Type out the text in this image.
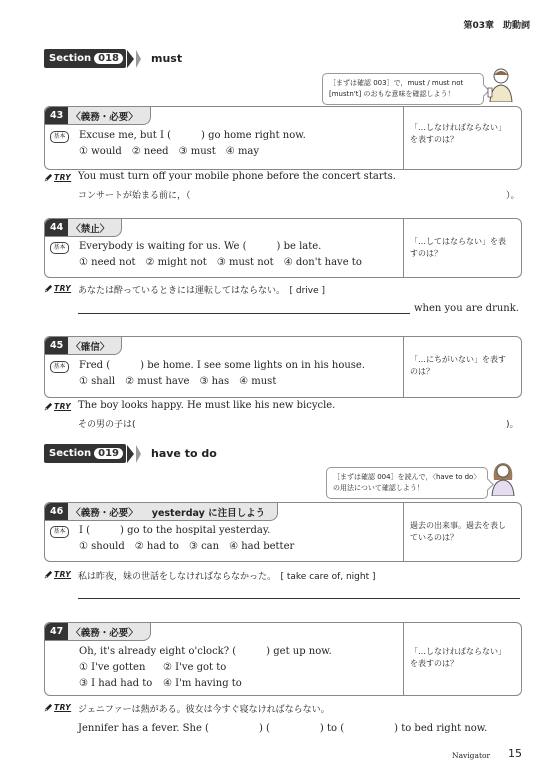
第03章　助動詞
Section 018	must
［まずは確認 003］で，must / must not
[mustn't] のおもな意味を確認しよう！
43 〈義務・必要〉
基本	Excuse me, but I (　　　) go home right now.
① would　② need　③ must　④ may
「…しなければならない」
を表すのは？
TRY You must turn off your mobile phone before the concert starts.
コンサートが始まる前に，（	）。
44 〈禁止〉
基本	Everybody is waiting for us. We (　　　) be late.
① need not　② might not　③ must not　④ don't have to
「…してはならない」を表
すのは？
TRY あなたは酔っているときには運転してはならない。　[ drive ]
when you are drunk.
45 〈確信〉
基本	Fred (　　　) be home. I see some lights on in his house.
① shall　② must have　③ has　④ must
「…にちがいない」を表す
のは？
TRY The boy looks happy. He must like his new bicycle.
その男の子は(	)。
Section 019	have to do
［まずは確認 004］を読んで，〈have to do〉
の用法について確認しよう！
46 〈義務・必要〉 yesterday に注目しよう
基本	I (　　　) go to the hospital yesterday.
① should　② had to　③ can　④ had better
過去の出来事。過去を表し
ているのは？
TRY 私は昨夜，妹の世話をしなければならなかった。　[ take care of, night ]
47 〈義務・必要〉
Oh, it's already eight o'clock? (　　　) get up now.
① I've gotten ② I've got to
③ I had had to ④ I'm having to
「…しなければならない」
を表すのは？
TRY ジェニファーは熱がある。彼女は今すぐ寝なければならない。
Jennifer has a fever. She (　　　　　) (　　　　　) to (　　　　　) to bed right now.
Navigator 15
